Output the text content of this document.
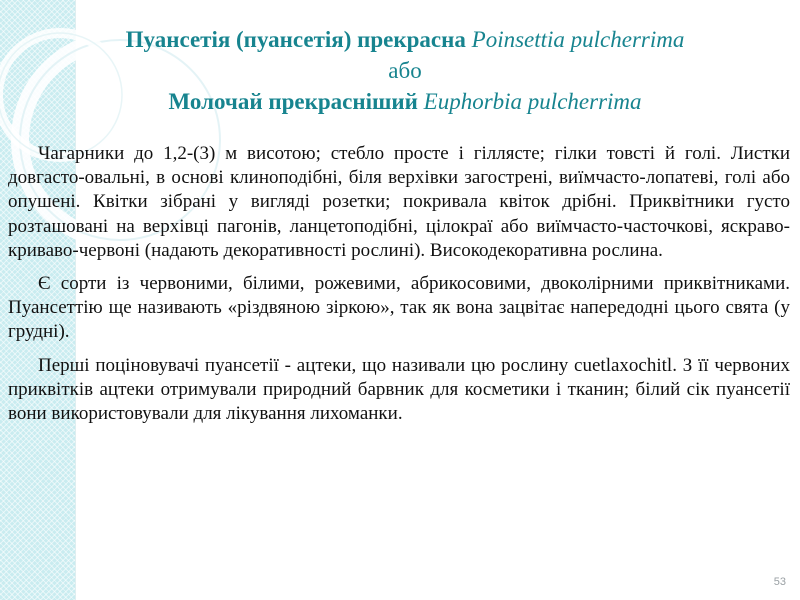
Пуансетія (пуансетія) прекрасна Poinsettia pulcherrima
або
Молочай прекрасніший Euphorbia pulcherrima

Чагарники до 1,2-(3) м висотою; стебло просте і гіллясте; гілки товсті й голі. Листки довгасто-овальні, в основі клиноподібні, біля верхівки загострені, виїмчасто-лопатеві, голі або опушені. Квітки зібрані у вигляді розетки; покривала квіток дрібні. Приквітники густо розташовані на верхівці пагонів, ланцетоподібні, цілокраї або виїмчасто-часточкові, яскраво-криваво-червоні (надають декоративності рослині). Високодекоративна рослина.

Є сорти із червоними, білими, рожевими, абрикосовими, двоколірними приквітниками. Пуансеттію ще називають «різдвяною зіркою», так як вона зацвітає напередодні цього свята (у грудні).

Перші поціновувачі пуансетії - ацтеки, що називали цю рослину cuetlaxochitl. З її червоних приквітків ацтеки отримували природний барвник для косметики і тканин; білий сік пуансетії вони використовували для лікування лихоманки.

53
